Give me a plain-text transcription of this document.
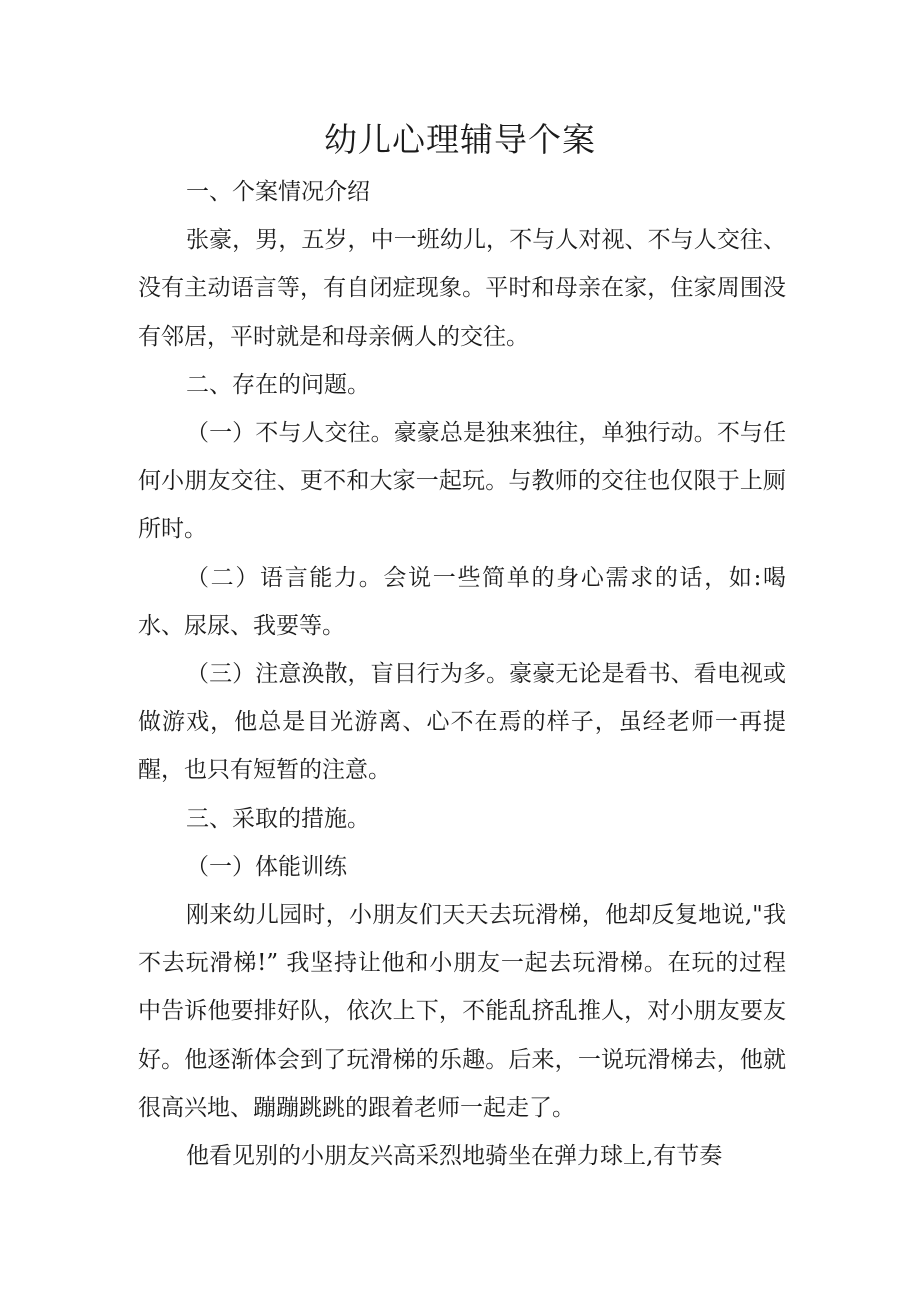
幼儿心理辅导个案

一、个案情况介绍

张豪，男，五岁，中一班幼儿，不与人对视、不与人交往、没有主动语言等，有自闭症现象。平时和母亲在家，住家周围没有邻居，平时就是和母亲俩人的交往。

二、存在的问题。

（一）不与人交往。豪豪总是独来独往，单独行动。不与任何小朋友交往、更不和大家一起玩。与教师的交往也仅限于上厕所时。

（二）语言能力。会说一些简单的身心需求的话，如:喝水、尿尿、我要等。

（三）注意涣散，盲目行为多。豪豪无论是看书、看电视或做游戏，他总是目光游离、心不在焉的样子，虽经老师一再提醒，也只有短暂的注意。

三、采取的措施。

（一）体能训练

刚来幼儿园时，小朋友们天天去玩滑梯，他却反复地说,"我不去玩滑梯!” 我坚持让他和小朋友一起去玩滑梯。在玩的过程中告诉他要排好队，依次上下，不能乱挤乱推人，对小朋友要友好。他逐渐体会到了玩滑梯的乐趣。后来，一说玩滑梯去，他就很高兴地、蹦蹦跳跳的跟着老师一起走了。

他看见别的小朋友兴高采烈地骑坐在弹力球上,有节奏
